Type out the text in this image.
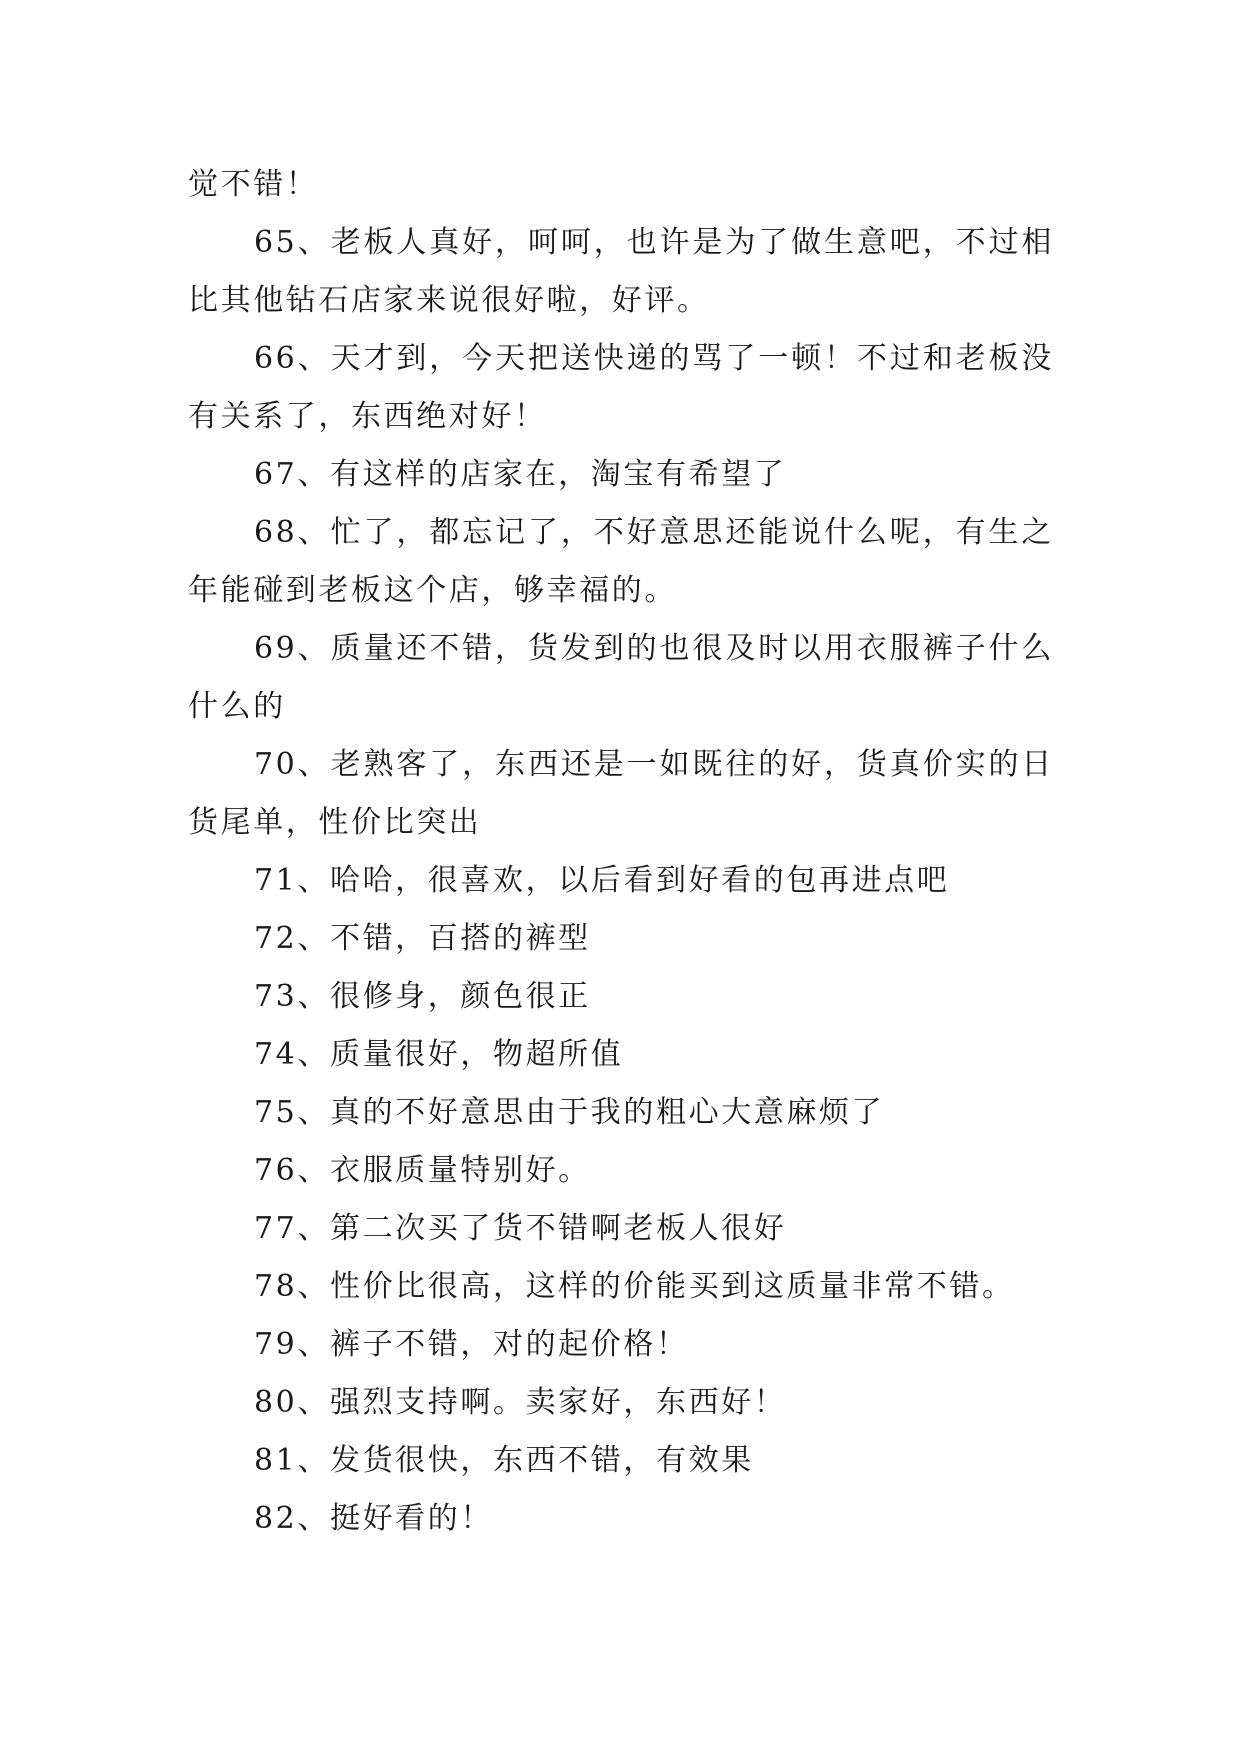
觉不错！

65、老板人真好，呵呵，也许是为了做生意吧，不过相比其他钻石店家来说很好啦，好评。

66、天才到，今天把送快递的骂了一顿！不过和老板没有关系了，东西绝对好！

67、有这样的店家在，淘宝有希望了

68、忙了，都忘记了，不好意思还能说什么呢，有生之年能碰到老板这个店，够幸福的。

69、质量还不错，货发到的也很及时以用衣服裤子什么什么的

70、老熟客了，东西还是一如既往的好，货真价实的日货尾单，性价比突出

71、哈哈，很喜欢，以后看到好看的包再进点吧

72、不错，百搭的裤型

73、很修身，颜色很正

74、质量很好，物超所值

75、真的不好意思由于我的粗心大意麻烦了

76、衣服质量特别好。

77、第二次买了货不错啊老板人很好

78、性价比很高，这样的价能买到这质量非常不错。

79、裤子不错，对的起价格！

80、强烈支持啊。卖家好，东西好！

81、发货很快，东西不错，有效果

82、挺好看的！
